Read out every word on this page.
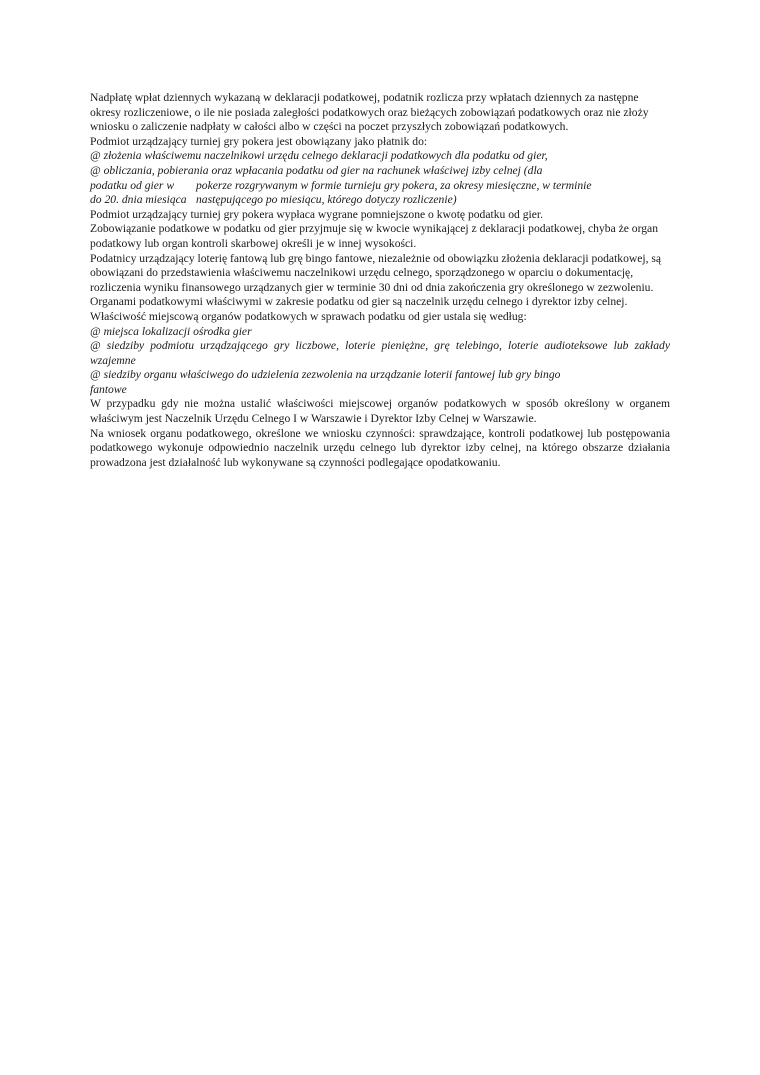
Nadpłatę wpłat dziennych wykazaną w deklaracji podatkowej, podatnik rozlicza przy wpłatach dziennych za następne okresy rozliczeniowe, o ile nie posiada zaległości podatkowych oraz bieżących zobowiązań podatkowych oraz nie złoży wniosku o zaliczenie nadpłaty w całości albo w części na poczet przyszłych zobowiązań podatkowych.

Podmiot urządzający turniej gry pokera jest obowiązany jako płatnik do:

@ złożenia właściwemu naczelnikowi urzędu celnego deklaracji podatkowych dla podatku od gier,

@ obliczania, pobierania oraz wpłacania podatku od gier na rachunek właściwej izby celnej (dla

podatku od gier w	pokerze rozgrywanym w formie turnieju gry pokera, za okresy miesięczne, w terminie
do 20. dnia miesiąca następującego po miesiącu, którego dotyczy rozliczenie)

Podmiot urządzający turniej gry pokera wypłaca wygrane pomniejszone o kwotę podatku od gier.

Zobowiązanie podatkowe w podatku od gier przyjmuje się w kwocie wynikającej z deklaracji podatkowej, chyba że organ podatkowy lub organ kontroli skarbowej określi je w innej wysokości.

Podatnicy urządzający loterię fantową lub grę bingo fantowe, niezależnie od obowiązku złożenia deklaracji podatkowej, są obowiązani do przedstawienia właściwemu naczelnikowi urzędu celnego, sporządzonego w oparciu o dokumentację, rozliczenia wyniku finansowego urządzanych gier w terminie 30 dni od dnia zakończenia gry określonego w zezwoleniu.

Organami podatkowymi właściwymi w zakresie podatku od gier są naczelnik urzędu celnego i dyrektor izby celnej.

Właściwość miejscową organów podatkowych w sprawach podatku od gier ustala się według:

@ miejsca lokalizacji ośrodka gier

@ siedziby podmiotu urządzającego gry liczbowe, loterie pieniężne, grę telebingo, loterie audioteksowe lub zakłady wzajemne

@ siedziby organu właściwego do udzielenia zezwolenia na urządzanie loterii fantowej lub gry bingo

fantowe

W przypadku gdy nie można ustalić właściwości miejscowej organów podatkowych w sposób określony w organem właściwym jest Naczelnik Urzędu Celnego I w Warszawie i Dyrektor Izby Celnej w Warszawie.

Na wniosek organu podatkowego, określone we wniosku czynności: sprawdzające, kontroli podatkowej lub postępowania podatkowego wykonuje odpowiednio naczelnik urzędu celnego lub dyrektor izby celnej, na którego obszarze działania prowadzona jest działalność lub wykonywane są czynności podlegające opodatkowaniu.
